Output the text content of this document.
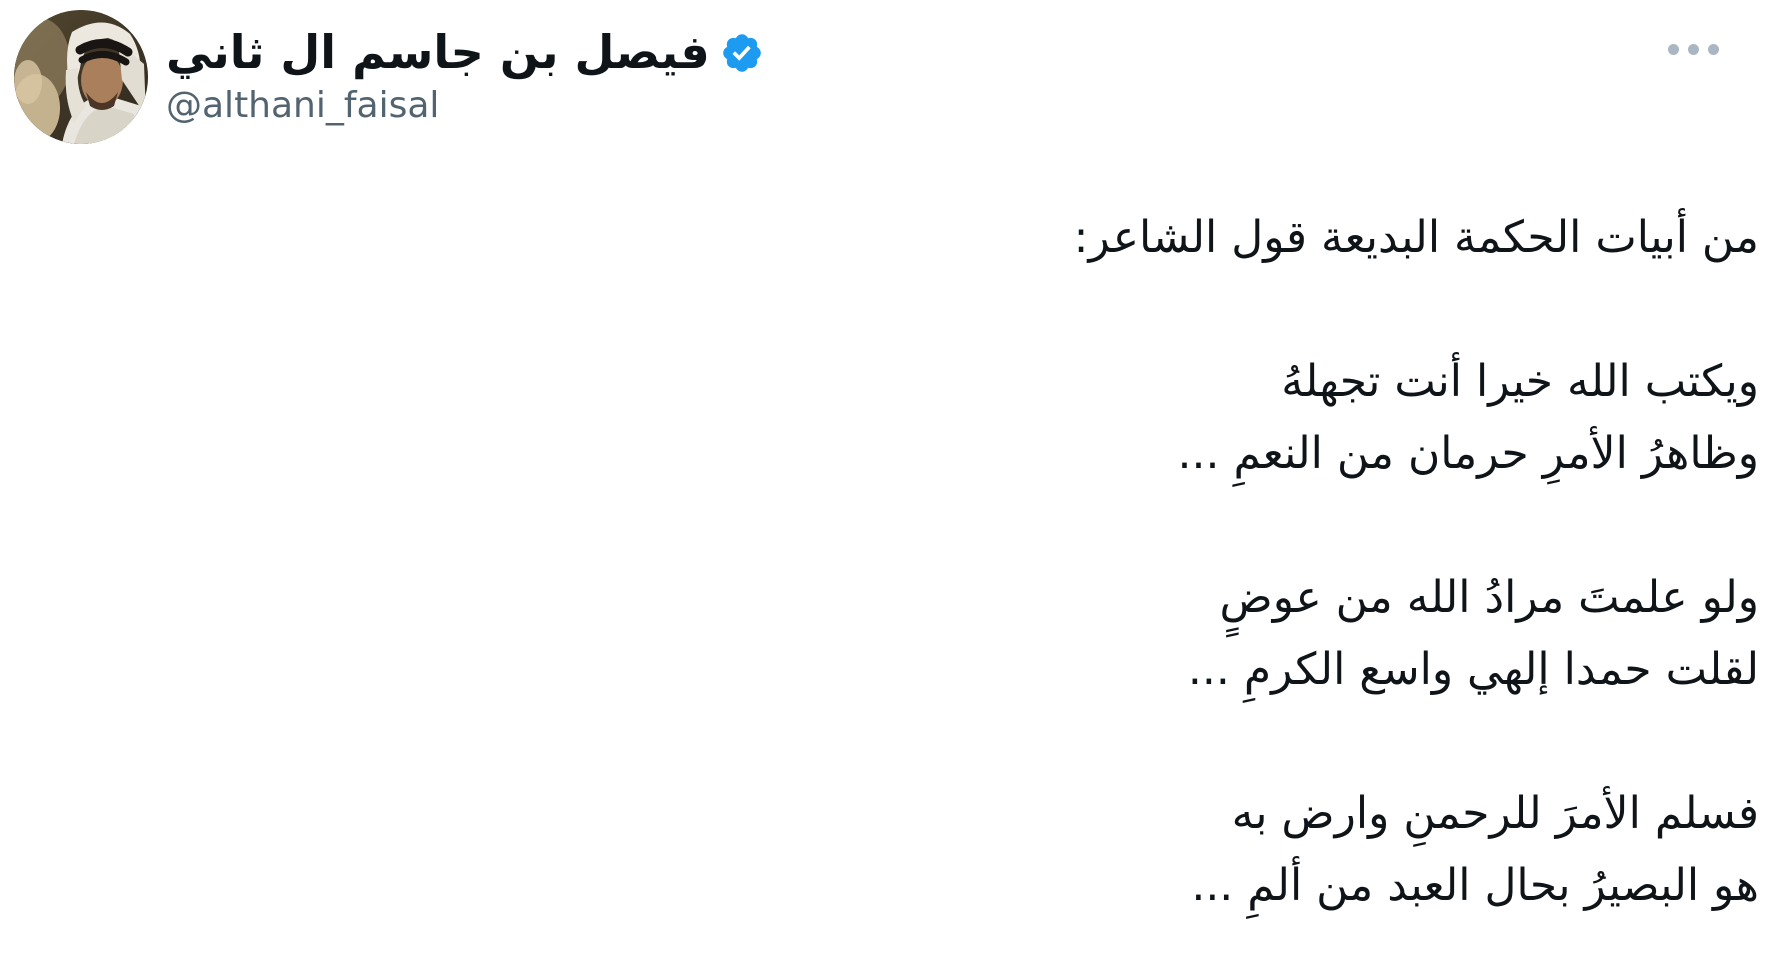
فيصل بن جاسم ال ثاني
@althani_faisal
من أبيات الحكمة البديعة قول الشاعر:

ويكتب الله خيرا أنت تجهلهُ
وظاهرُ الأمرِ حرمان من النعمِ ...

ولو علمتَ مرادُ الله من عوضٍ
لقلت حمدا إلهي واسع الكرمِ ...

فسلم الأمرَ للرحمنِ وارض به
هو البصيرُ بحال العبد من ألمِ ...
